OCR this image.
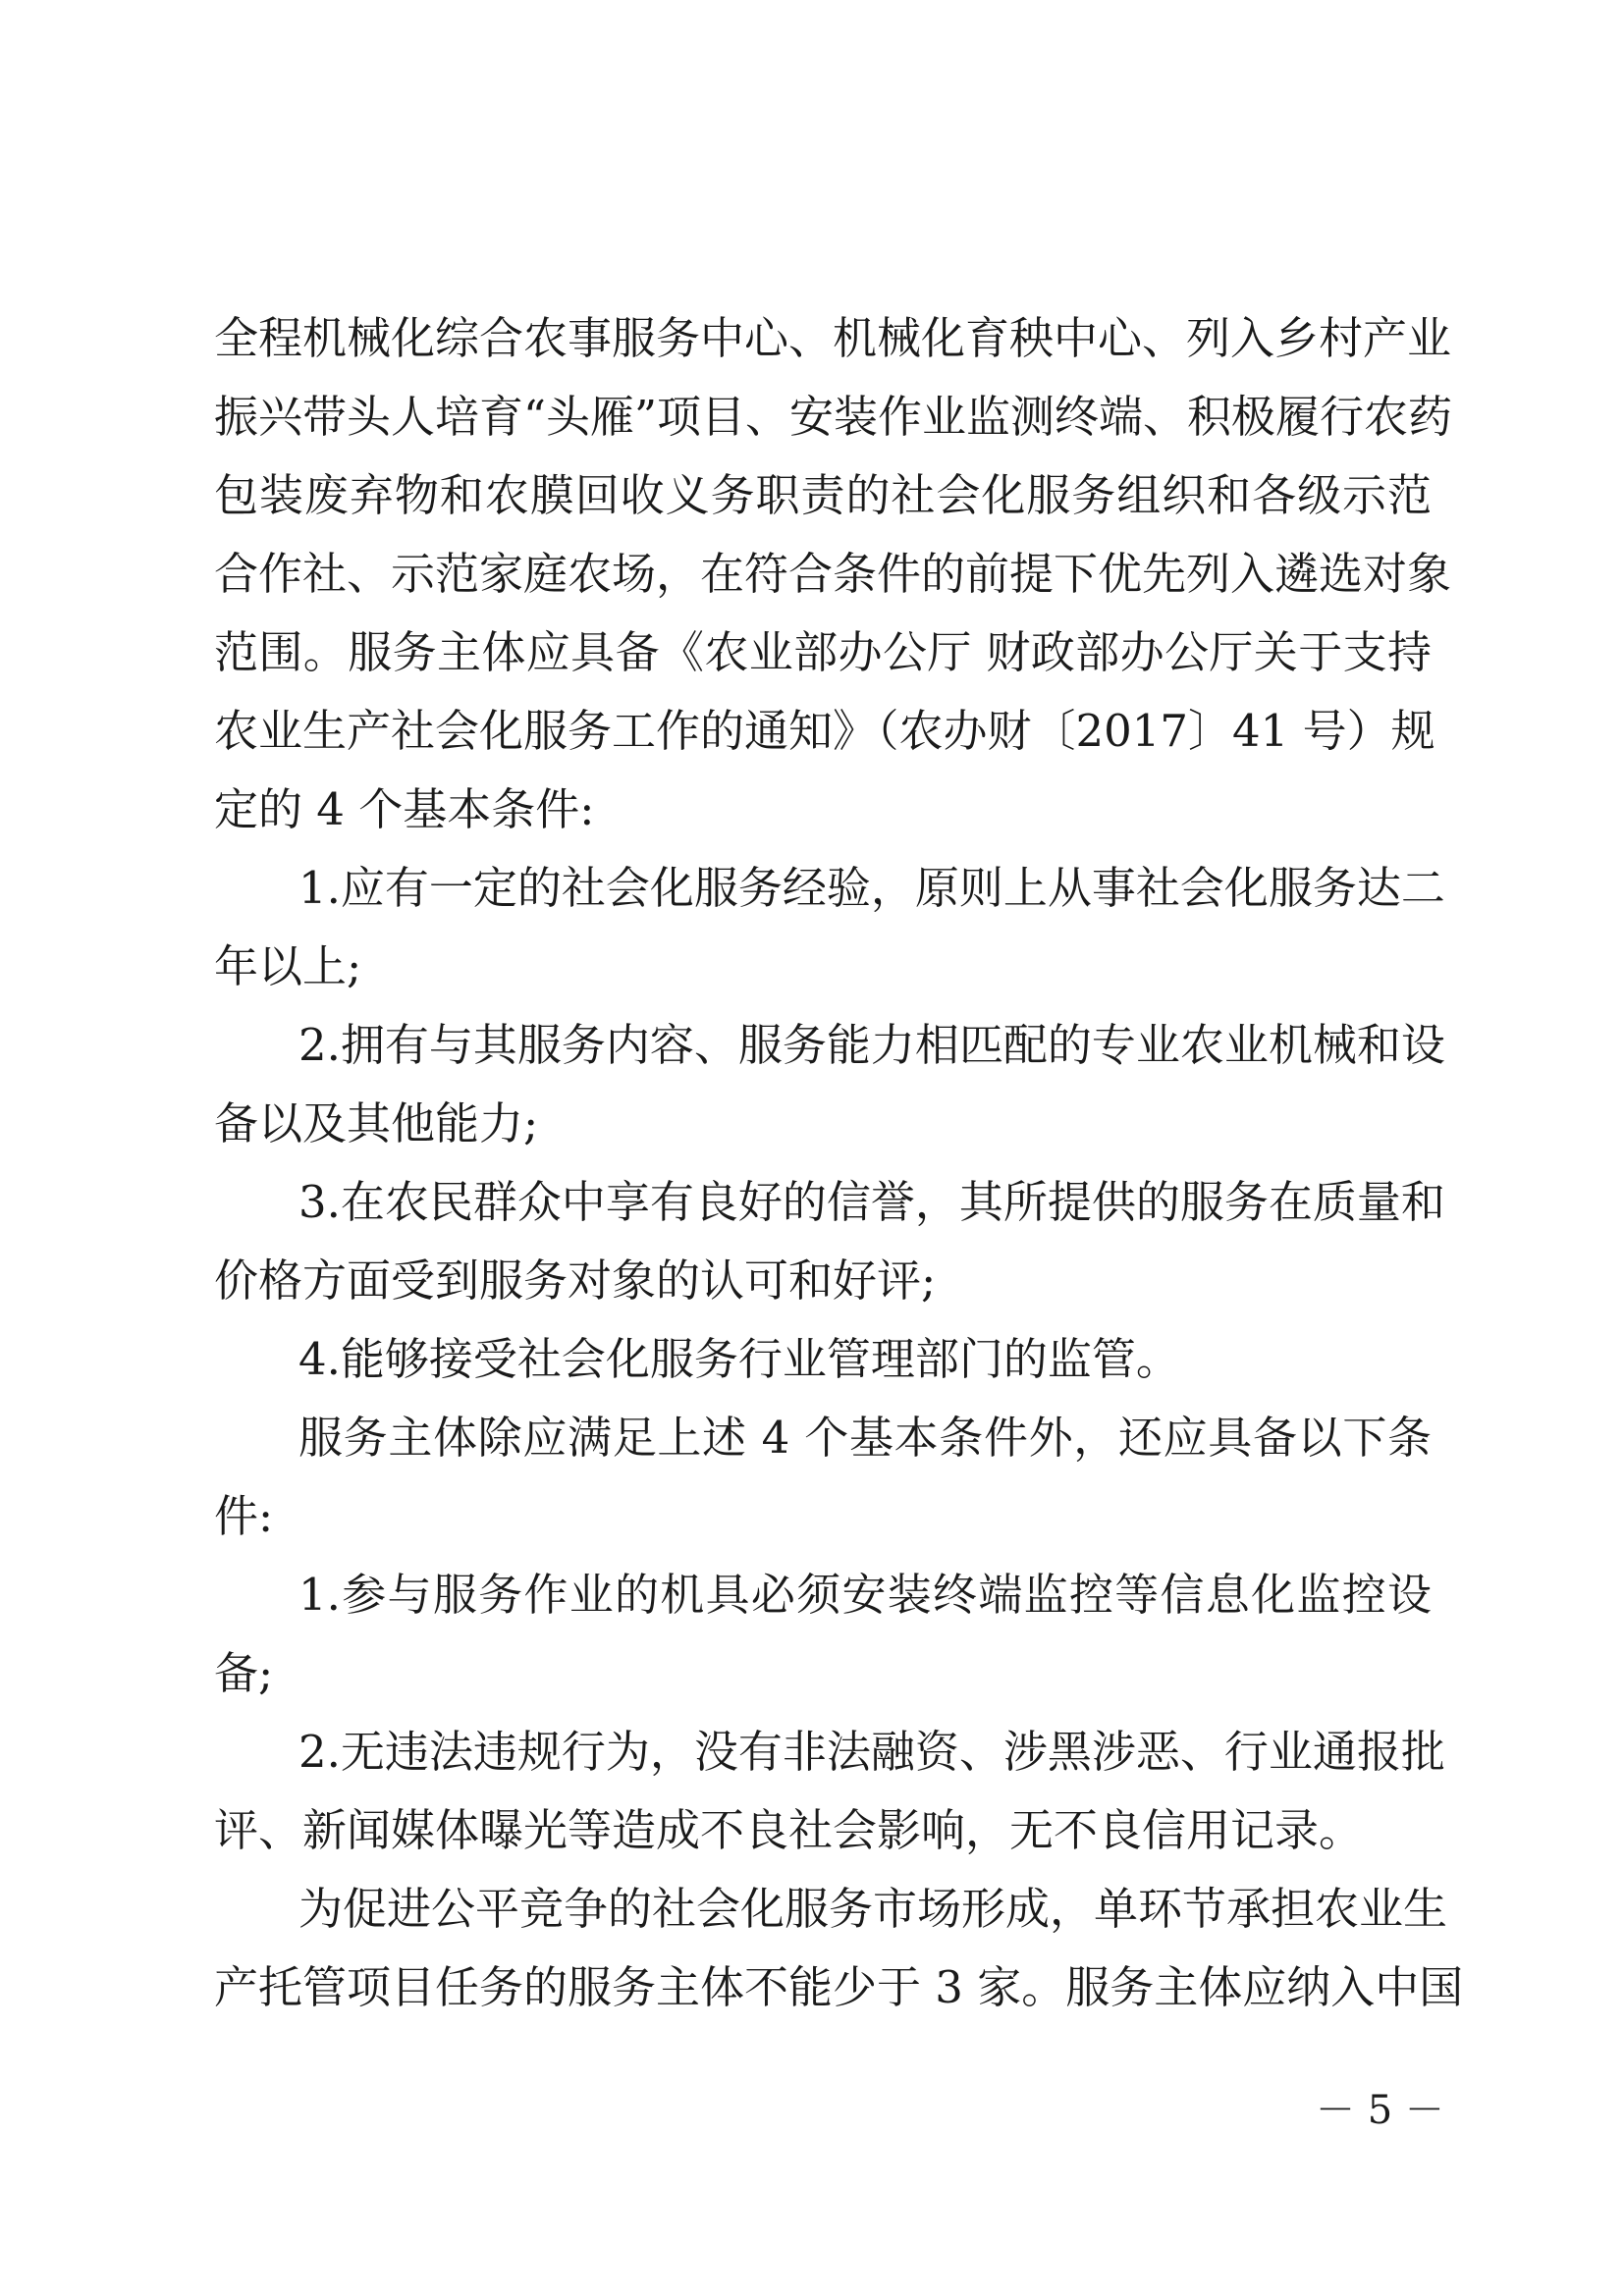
全程机械化综合农事服务中心、机械化育秧中心、列入乡村产业
振兴带头人培育“头雁”项目、安装作业监测终端、积极履行农药
包装废弃物和农膜回收义务职责的社会化服务组织和各级示范
合作社、示范家庭农场，在符合条件的前提下优先列入遴选对象
范围。服务主体应具备《农业部办公厅 财政部办公厅关于支持
农业生产社会化服务工作的通知》（农办财〔2017〕41 号）规
定的 4 个基本条件:
1.应有一定的社会化服务经验，原则上从事社会化服务达二
年以上;
2.拥有与其服务内容、服务能力相匹配的专业农业机械和设
备以及其他能力;
3.在农民群众中享有良好的信誉，其所提供的服务在质量和
价格方面受到服务对象的认可和好评;
4.能够接受社会化服务行业管理部门的监管。
服务主体除应满足上述 4 个基本条件外，还应具备以下条
件:
1.参与服务作业的机具必须安装终端监控等信息化监控设
备;
2.无违法违规行为，没有非法融资、涉黑涉恶、行业通报批
评、新闻媒体曝光等造成不良社会影响，无不良信用记录。
为促进公平竞争的社会化服务市场形成，单环节承担农业生
产托管项目任务的服务主体不能少于 3 家。服务主体应纳入中国
－ 5 －
